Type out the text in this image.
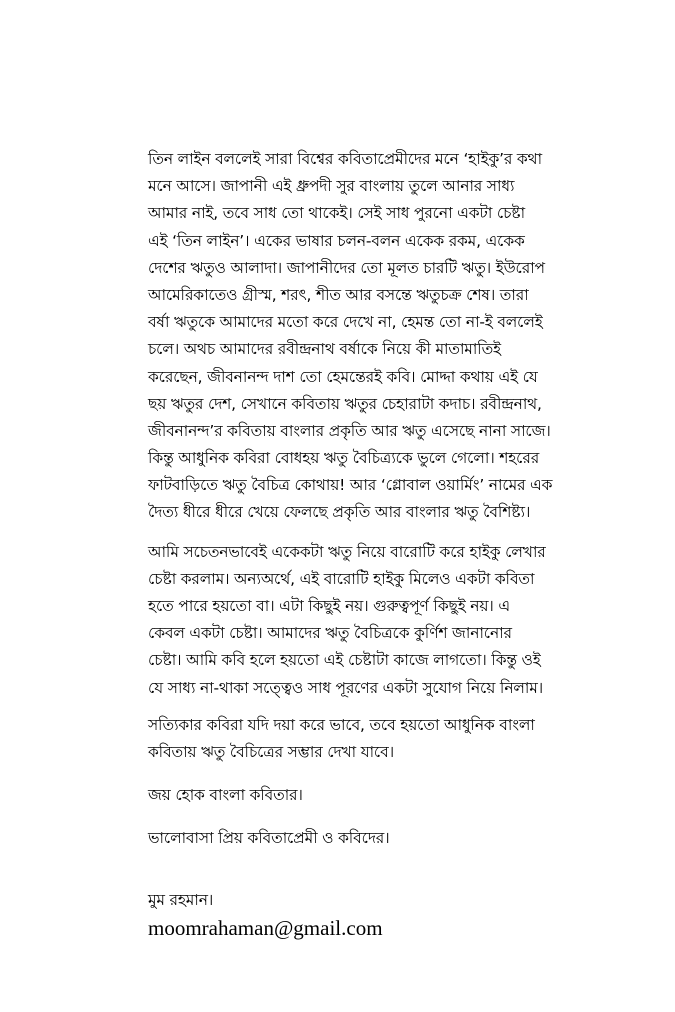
তিন লাইন বললেই সারা বিশ্বের কবিতাপ্রেমীদের মনে ‘হাইকু’র কথা
মনে আসে। জাপানী এই ধ্রুপদী সুর বাংলায় তুলে আনার সাধ্য
আমার নাই, তবে সাধ তো থাকেই। সেই সাধ পুরনো একটা চেষ্টা
এই ‘তিন লাইন’। একের ভাষার চলন-বলন একেক রকম, একেক
দেশের ঋতুও আলাদা। জাপানীদের তো মূলত চারটি ঋতু। ইউরোপ
আমেরিকাতেও গ্রীস্ম, শরৎ, শীত আর বসন্তে ঋতুচক্র শেষ। তারা
বর্ষা ঋতুকে আমাদের মতো করে দেখে না, হেমন্ত তো না-ই বললেই
চলে। অথচ আমাদের রবীন্দ্রনাথ বর্ষাকে নিয়ে কী মাতামাতিই
করেছেন, জীবনানন্দ দাশ তো হেমন্তেরই কবি। মোদ্দা কথায় এই যে
ছয় ঋতুর দেশ, সেখানে কবিতায় ঋতুর চেহারাটা কদাচ। রবীন্দ্রনাথ,
জীবনানন্দ’র কবিতায় বাংলার প্রকৃতি আর ঋতু এসেছে নানা সাজে।
কিন্তু আধুনিক কবিরা বোধহয় ঋতু বৈচিত্র্যকে ভুলে গেলো। শহরের
ফাটবাড়িতে ঋতু বৈচিত্র কোথায়! আর ‘গ্লোবাল ওয়ার্মিং’ নামের এক
দৈত্য ধীরে ধীরে খেয়ে ফেলছে প্রকৃতি আর বাংলার ঋতু বৈশিষ্ট্য।

আমি সচেতনভাবেই একেকটা ঋতু নিয়ে বারোটি করে হাইকু লেখার
চেষ্টা করলাম। অন্যঅর্থে, এই বারোটি হাইকু মিলেও একটা কবিতা
হতে পারে হয়তো বা। এটা কিছুই নয়। গুরুত্বপূর্ণ কিছুই নয়। এ
কেবল একটা চেষ্টা। আমাদের ঋতু বৈচিত্রকে কুর্ণিশ জানানোর
চেষ্টা। আমি কবি হলে হয়তো এই চেষ্টাটা কাজে লাগতো। কিন্তু ওই
যে সাধ্য না-থাকা সত্ত্বেও সাধ পূরণের একটা সুযোগ নিয়ে নিলাম।

সত্যিকার কবিরা যদি দয়া করে ভাবে, তবে হয়তো আধুনিক বাংলা
কবিতায় ঋতু বৈচিত্রের সম্ভার দেখা যাবে।

জয় হোক বাংলা কবিতার।

ভালোবাসা প্রিয় কবিতাপ্রেমী ও কবিদের।

মুম রহমান।

moomrahaman@gmail.com
